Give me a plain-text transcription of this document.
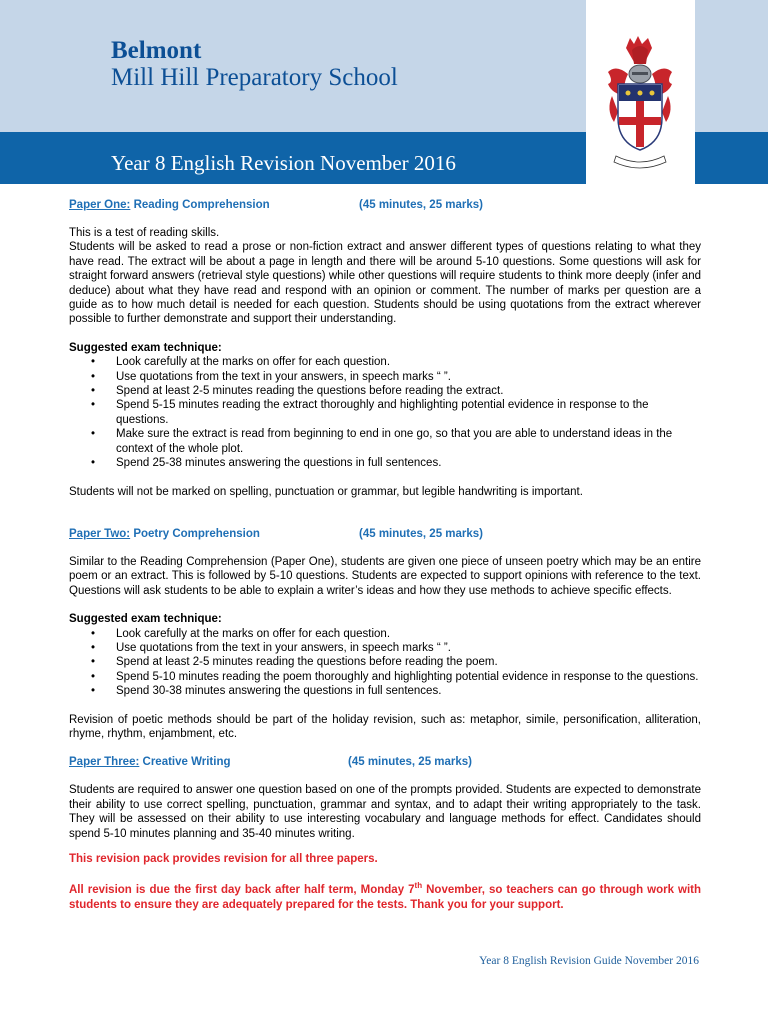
Belmont
Mill Hill Preparatory School
Year 8 English Revision November 2016
Paper One: Reading Comprehension	(45 minutes, 25 marks)

This is a test of reading skills.

Students will be asked to read a prose or non-fiction extract and answer different types of questions relating to what they have read. The extract will be about a page in length and there will be around 5-10 questions. Some questions will ask for straight forward answers (retrieval style questions) while other questions will require students to think more deeply (infer and deduce) about what they have read and respond with an opinion or comment. The number of marks per question are a guide as to how much detail is needed for each question. Students should be using quotations from the extract wherever possible to further demonstrate and support their understanding.

Suggested exam technique:
• Look carefully at the marks on offer for each question.
• Use quotations from the text in your answers, in speech marks “ ”.
• Spend at least 2-5 minutes reading the questions before reading the extract.
• Spend 5-15 minutes reading the extract thoroughly and highlighting potential evidence in response to the questions.
• Make sure the extract is read from beginning to end in one go, so that you are able to understand ideas in the context of the whole plot.
• Spend 25-38 minutes answering the questions in full sentences.

Students will not be marked on spelling, punctuation or grammar, but legible handwriting is important.

Paper Two: Poetry Comprehension	(45 minutes, 25 marks)

Similar to the Reading Comprehension (Paper One), students are given one piece of unseen poetry which may be an entire poem or an extract. This is followed by 5-10 questions. Students are expected to support opinions with reference to the text. Questions will ask students to be able to explain a writer’s ideas and how they use methods to achieve specific effects.

Suggested exam technique:
• Look carefully at the marks on offer for each question.
• Use quotations from the text in your answers, in speech marks “ ”.
• Spend at least 2-5 minutes reading the questions before reading the poem.
• Spend 5-10 minutes reading the poem thoroughly and highlighting potential evidence in response to the questions.
• Spend 30-38 minutes answering the questions in full sentences.

Revision of poetic methods should be part of the holiday revision, such as: metaphor, simile, personification, alliteration, rhyme, rhythm, enjambment, etc.

Paper Three: Creative Writing	(45 minutes, 25 marks)

Students are required to answer one question based on one of the prompts provided. Students are expected to demonstrate their ability to use correct spelling, punctuation, grammar and syntax, and to adapt their writing appropriately to the task. They will be assessed on their ability to use interesting vocabulary and language methods for effect. Candidates should spend 5-10 minutes planning and 35-40 minutes writing.

This revision pack provides revision for all three papers.

All revision is due the first day back after half term, Monday 7th November, so teachers can go through work with students to ensure they are adequately prepared for the tests. Thank you for your support.

Year 8 English Revision Guide November 2016
